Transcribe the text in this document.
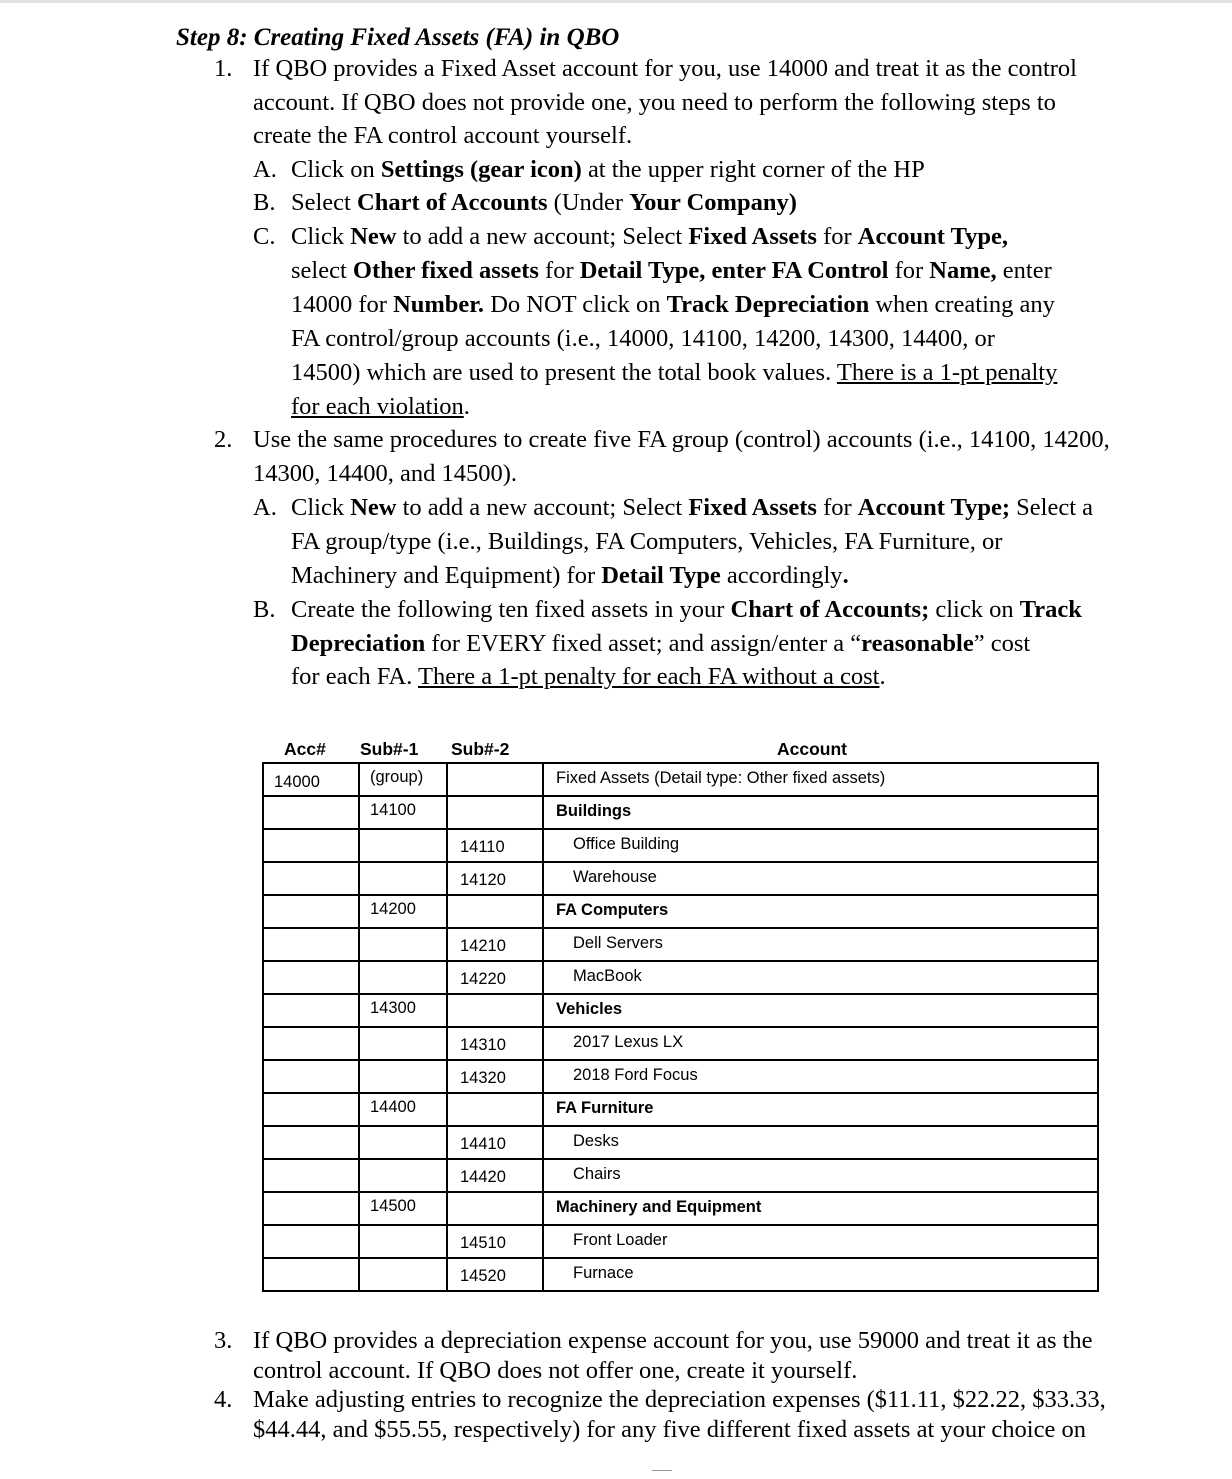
Step 8: Creating Fixed Assets (FA) in QBO
1. If QBO provides a Fixed Asset account for you, use 14000 and treat it as the control
account. If QBO does not provide one, you need to perform the following steps to
create the FA control account yourself.
A. Click on Settings (gear icon) at the upper right corner of the HP
B. Select Chart of Accounts (Under Your Company)
C. Click New to add a new account; Select Fixed Assets for Account Type,
select Other fixed assets for Detail Type, enter FA Control for Name, enter
14000 for Number. Do NOT click on Track Depreciation when creating any
FA control/group accounts (i.e., 14000, 14100, 14200, 14300, 14400, or
14500) which are used to present the total book values. There is a 1-pt penalty
for each violation.
2. Use the same procedures to create five FA group (control) accounts (i.e., 14100, 14200,
14300, 14400, and 14500).
A. Click New to add a new account; Select Fixed Assets for Account Type; Select a
FA group/type (i.e., Buildings, FA Computers, Vehicles, FA Furniture, or
Machinery and Equipment) for Detail Type accordingly.
B. Create the following ten fixed assets in your Chart of Accounts; click on Track
Depreciation for EVERY fixed asset; and assign/enter a “reasonable” cost
for each FA. There a 1-pt penalty for each FA without a cost.
Acc# Sub#-1 Sub#-2	Account
14000	(group)		Fixed Assets (Detail type: Other fixed assets)
	14100		Buildings
		14110	Office Building
		14120	Warehouse
	14200		FA Computers
		14210	Dell Servers
		14220	MacBook
	14300		Vehicles
		14310	2017 Lexus LX
		14320	2018 Ford Focus
	14400		FA Furniture
		14410	Desks
		14420	Chairs
	14500		Machinery and Equipment
		14510	Front Loader
		14520	Furnace
3. If QBO provides a depreciation expense account for you, use 59000 and treat it as the
control account. If QBO does not offer one, create it yourself.
4. Make adjusting entries to recognize the depreciation expenses ($11.11, $22.22, $33.33,
$44.44, and $55.55, respectively) for any five different fixed assets at your choice on
